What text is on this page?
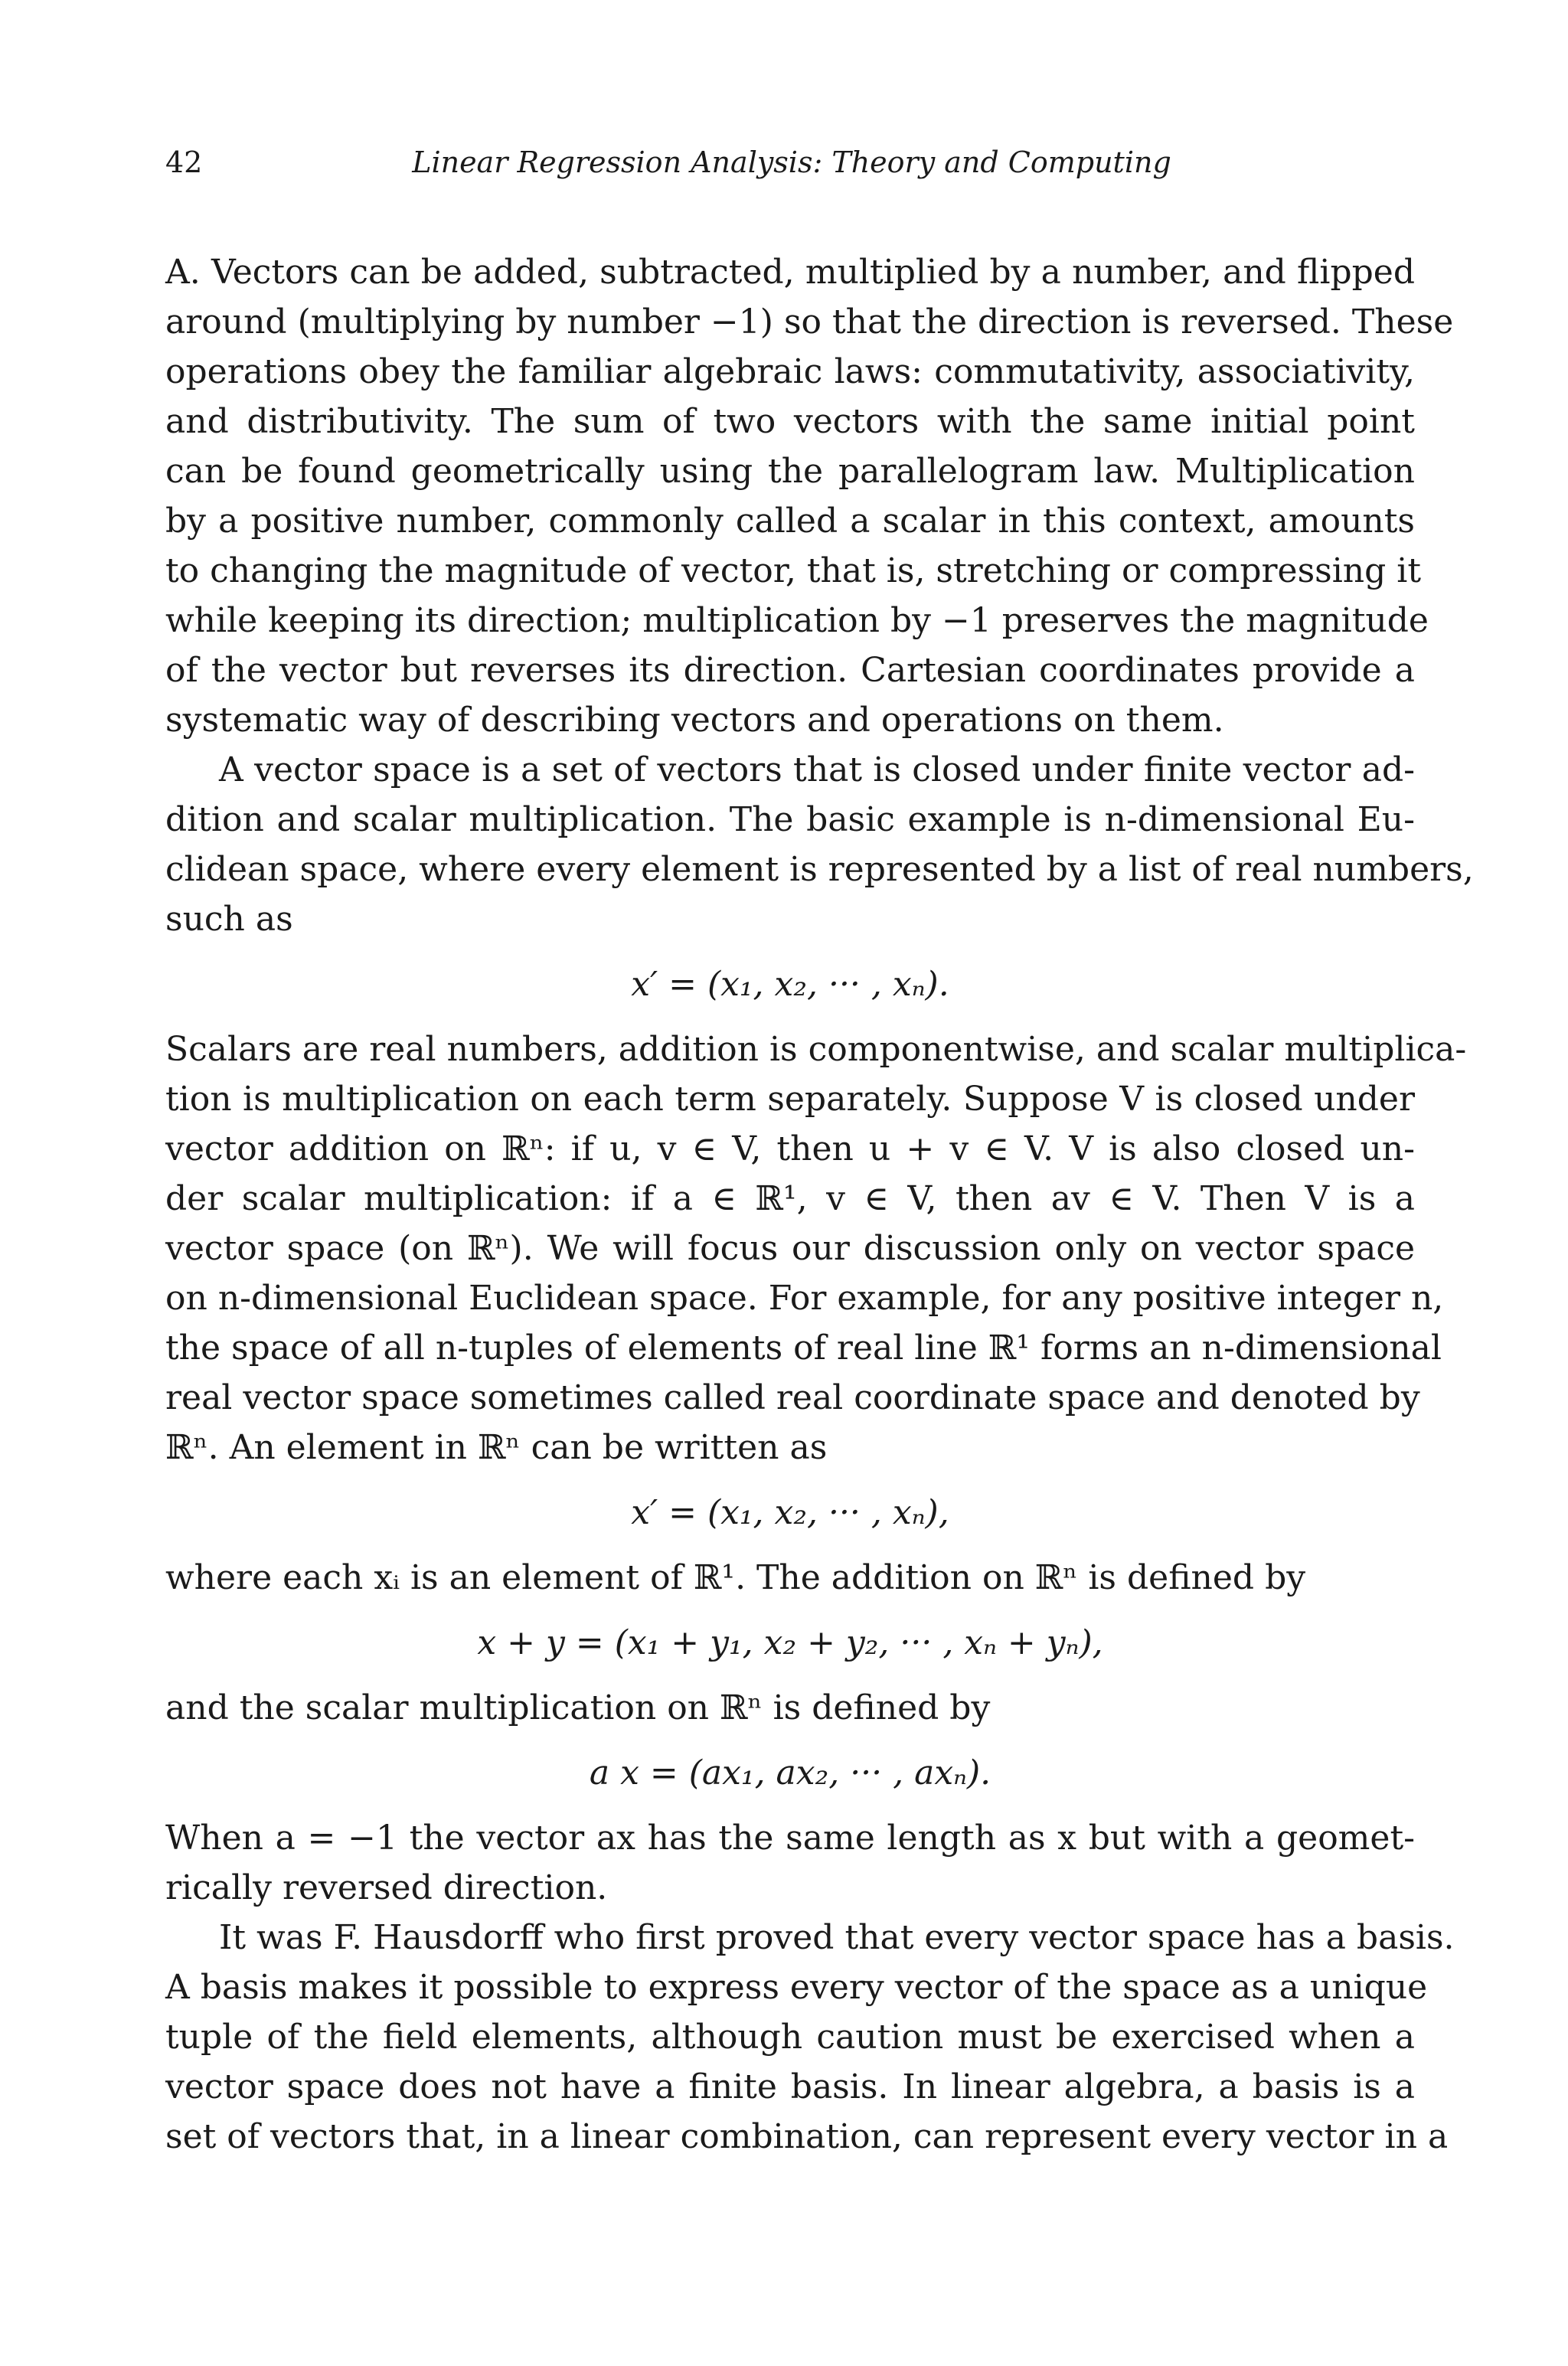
42	Linear Regression Analysis: Theory and Computing
A. Vectors can be added, subtracted, multiplied by a number, and flipped
around (multiplying by number −1) so that the direction is reversed. These
operations obey the familiar algebraic laws: commutativity, associativity,
and distributivity. The sum of two vectors with the same initial point
can be found geometrically using the parallelogram law. Multiplication
by a positive number, commonly called a scalar in this context, amounts
to changing the magnitude of vector, that is, stretching or compressing it
while keeping its direction; multiplication by −1 preserves the magnitude
of the vector but reverses its direction. Cartesian coordinates provide a
systematic way of describing vectors and operations on them.
A vector space is a set of vectors that is closed under finite vector ad-
dition and scalar multiplication. The basic example is n-dimensional Eu-
clidean space, where every element is represented by a list of real numbers,
such as
x′ = (x₁, x₂, ··· , xₙ).
Scalars are real numbers, addition is componentwise, and scalar multiplica-
tion is multiplication on each term separately. Suppose V is closed under
vector addition on ℝⁿ: if u, v ∈ V, then u + v ∈ V. V is also closed un-
der scalar multiplication: if a ∈ ℝ¹, v ∈ V, then av ∈ V. Then V is a
vector space (on ℝⁿ). We will focus our discussion only on vector space
on n-dimensional Euclidean space. For example, for any positive integer n,
the space of all n-tuples of elements of real line ℝ¹ forms an n-dimensional
real vector space sometimes called real coordinate space and denoted by
ℝⁿ. An element in ℝⁿ can be written as
x′ = (x₁, x₂, ··· , xₙ),
where each xᵢ is an element of ℝ¹. The addition on ℝⁿ is defined by
x + y = (x₁ + y₁, x₂ + y₂, ··· , xₙ + yₙ),
and the scalar multiplication on ℝⁿ is defined by
a x = (ax₁, ax₂, ··· , axₙ).
When a = −1 the vector ax has the same length as x but with a geomet-
rically reversed direction.
It was F. Hausdorff who first proved that every vector space has a basis.
A basis makes it possible to express every vector of the space as a unique
tuple of the field elements, although caution must be exercised when a
vector space does not have a finite basis. In linear algebra, a basis is a
set of vectors that, in a linear combination, can represent every vector in a
